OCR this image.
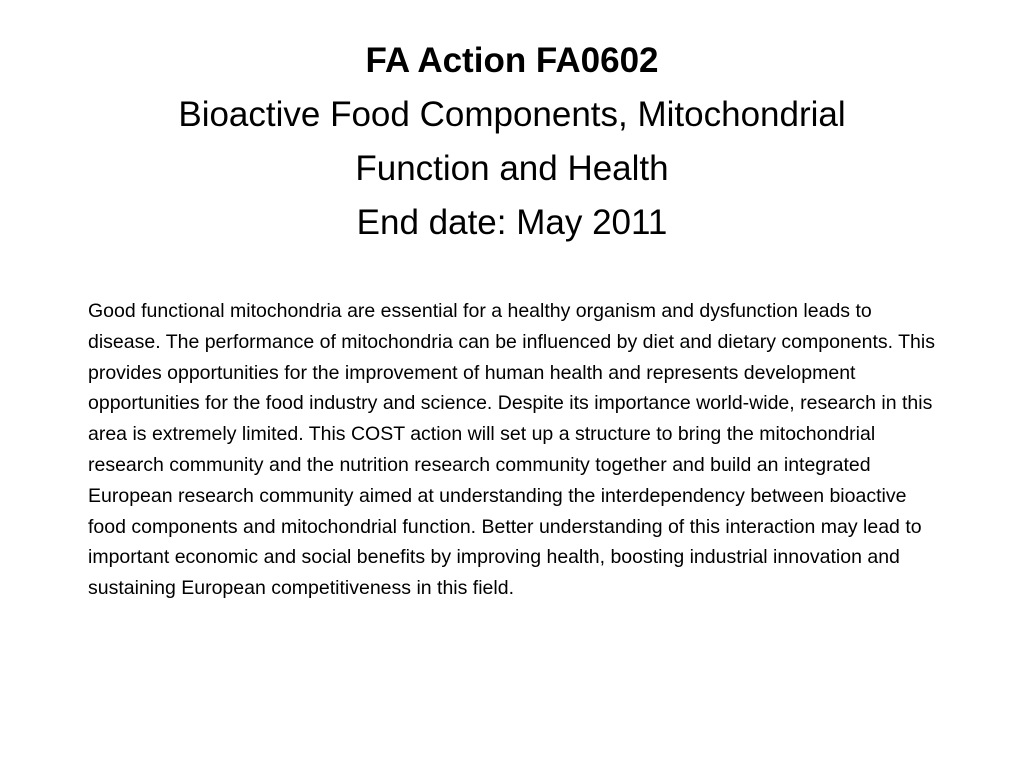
FA Action FA0602
Bioactive Food Components, Mitochondrial
Function and Health
End date: May 2011

Good functional mitochondria are essential for a healthy organism and dysfunction leads to disease. The performance of mitochondria can be influenced by diet and dietary components. This provides opportunities for the improvement of human health and represents development opportunities for the food industry and science. Despite its importance world-wide, research in this area is extremely limited. This COST action will set up a structure to bring the mitochondrial research community and the nutrition research community together and build an integrated European research community aimed at understanding the interdependency between bioactive food components and mitochondrial function. Better understanding of this interaction may lead to important economic and social benefits by improving health, boosting industrial innovation and sustaining European competitiveness in this field.
